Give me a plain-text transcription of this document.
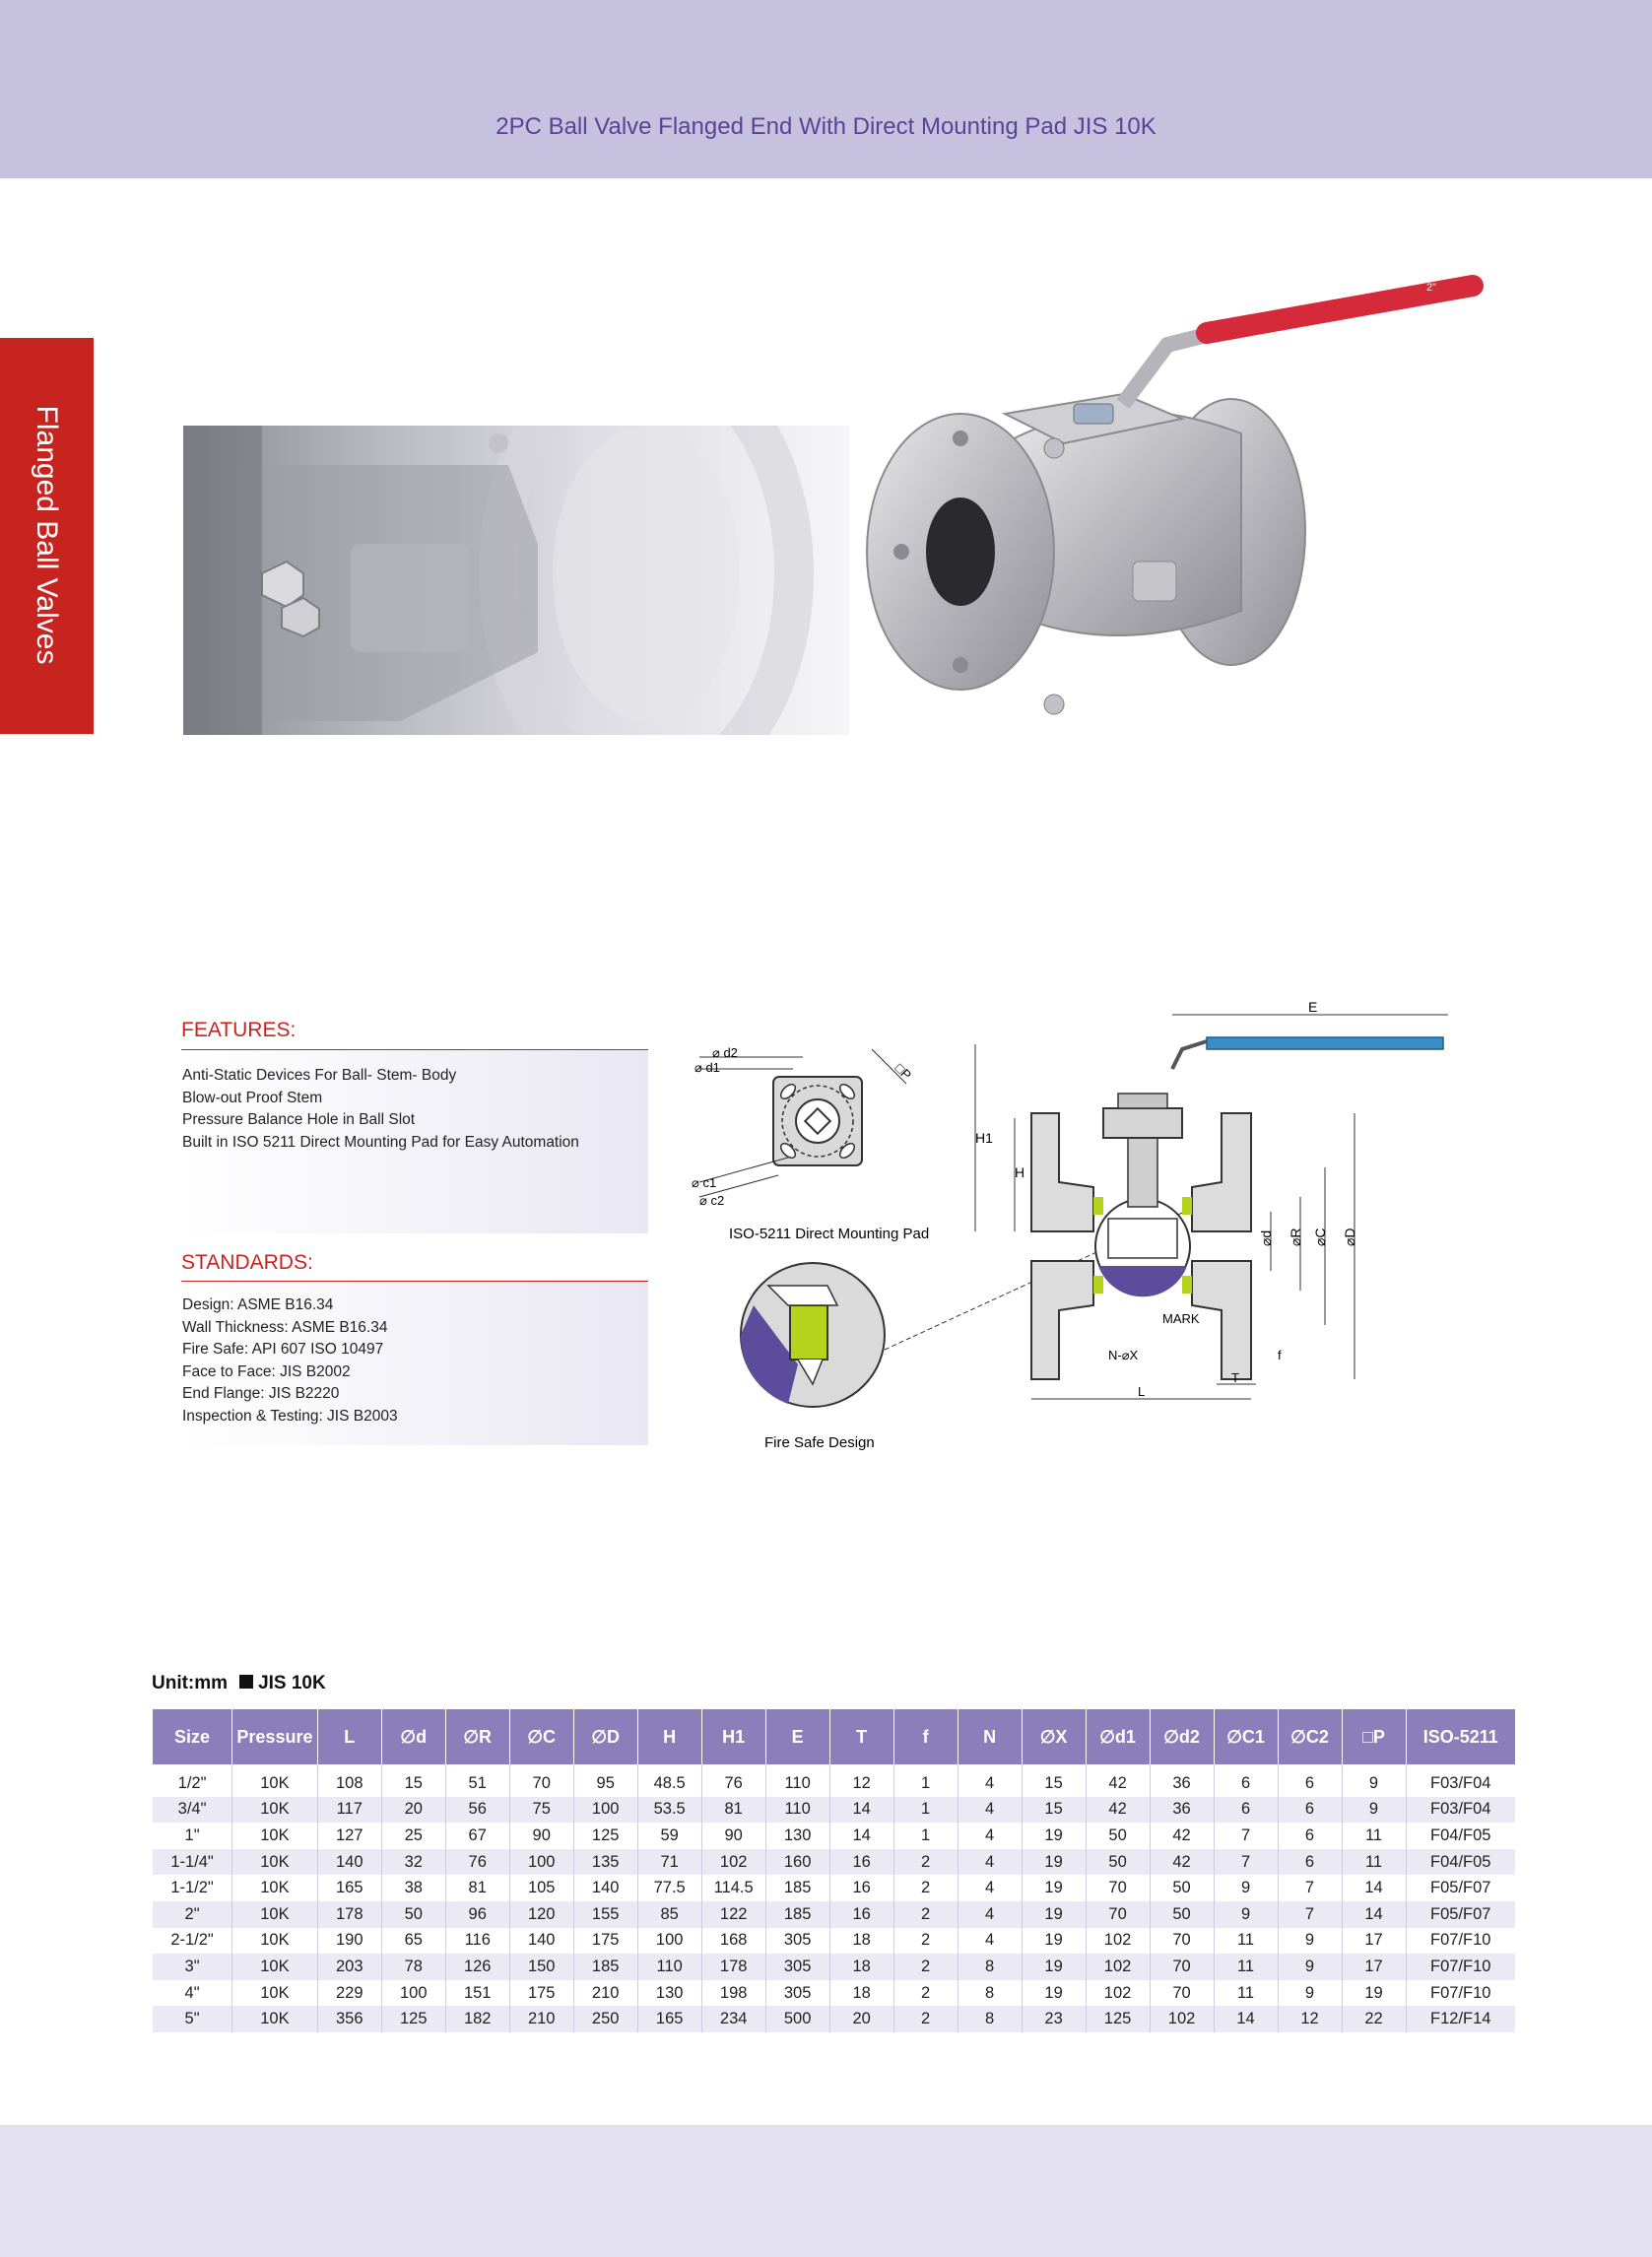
2PC Ball Valve Flanged End With Direct Mounting Pad JIS 10K
Flanged Ball Valves
2"
FEATURES:
Anti-Static Devices For Ball- Stem- Body
Blow-out Proof Stem
Pressure Balance Hole in Ball Slot
Built in ISO 5211 Direct Mounting Pad for Easy Automation
STANDARDS:
Design: ASME B16.34
Wall Thickness: ASME B16.34
Fire Safe: API 607 ISO 10497
Face to Face: JIS B2002
End Flange: JIS B2220
Inspection & Testing: JIS B2003
⌀ d2
⌀ d1
⌀ c1
⌀ c2
□P
ISO-5211 Direct Mounting Pad
Fire Safe Design
E
H1
H
⌀d ⌀R ⌀C ⌀D
MARK
N-⌀X	f
T
L
Unit:mm JIS 10K
Size	Pressure	L	∅d	∅R	∅C	∅D	H	H1	E	T	f	N	∅X	∅d1	∅d2	∅C1	∅C2	□P	ISO-5211
1/2"	10K	108	15	51	70	95	48.5	76	110	12	1	4	15	42	36	6	6	9	F03/F04
3/4"	10K	117	20	56	75	100	53.5	81	110	14	1	4	15	42	36	6	6	9	F03/F04
1"	10K	127	25	67	90	125	59	90	130	14	1	4	19	50	42	7	6	11	F04/F05
1-1/4"	10K	140	32	76	100	135	71	102	160	16	2	4	19	50	42	7	6	11	F04/F05
1-1/2"	10K	165	38	81	105	140	77.5	114.5	185	16	2	4	19	70	50	9	7	14	F05/F07
2"	10K	178	50	96	120	155	85	122	185	16	2	4	19	70	50	9	7	14	F05/F07
2-1/2"	10K	190	65	116	140	175	100	168	305	18	2	4	19	102	70	11	9	17	F07/F10
3"	10K	203	78	126	150	185	110	178	305	18	2	8	19	102	70	11	9	17	F07/F10
4"	10K	229	100	151	175	210	130	198	305	18	2	8	19	102	70	11	9	19	F07/F10
5"	10K	356	125	182	210	250	165	234	500	20	2	8	23	125	102	14	12	22	F12/F14
